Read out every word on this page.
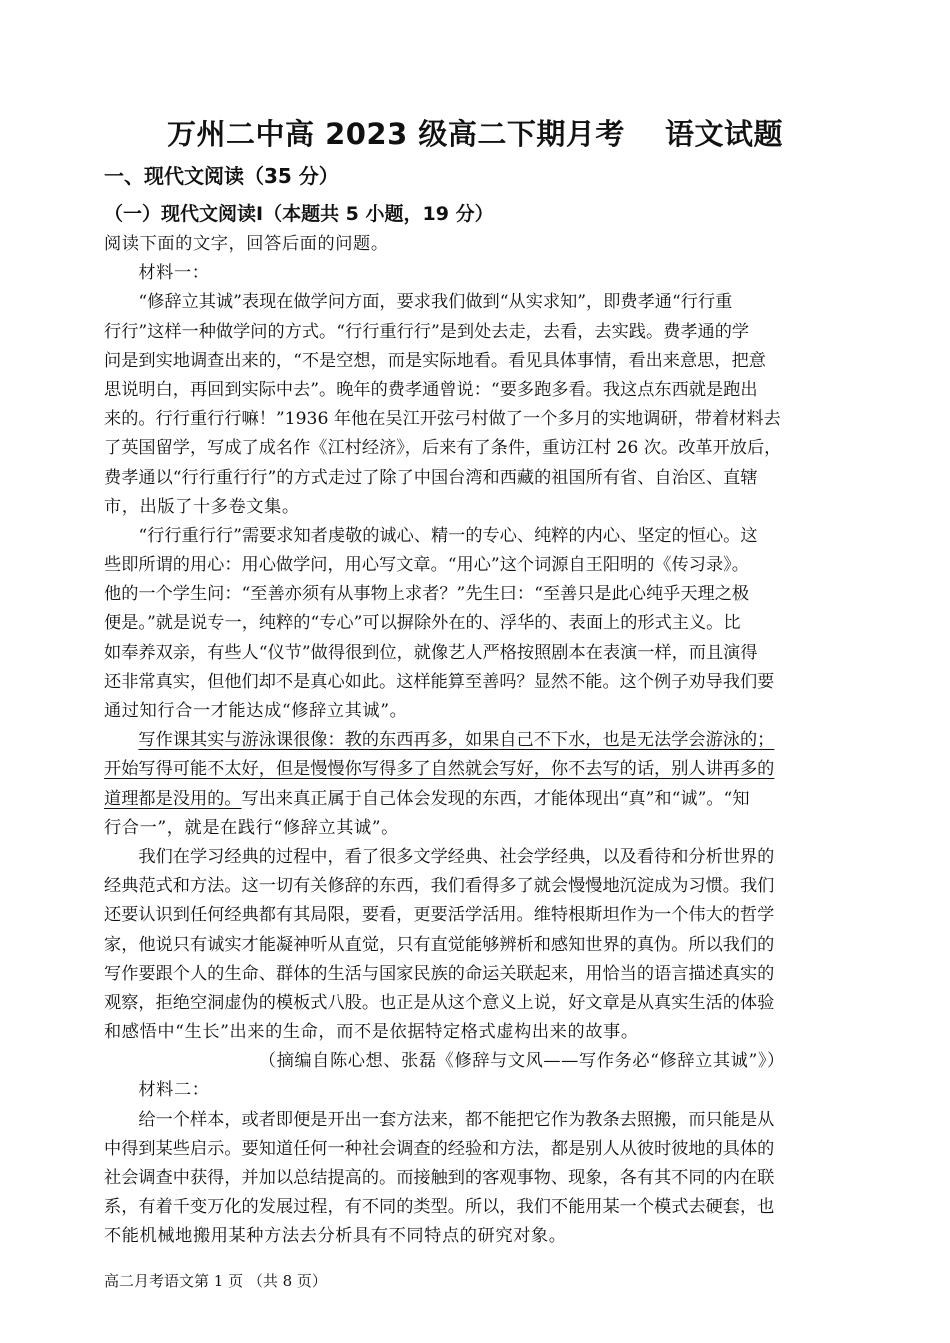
万州二中高 2023 级高二下期月考　 语文试题
一、现代文阅读（35 分）
（一）现代文阅读Ⅰ（本题共 5 小题，19 分）
阅读下面的文字，回答后面的问题。
材料一：
“修辞立其诚”表现在做学问方面，要求我们做到“从实求知”，即费孝通“行行重
行行”这样一种做学问的方式。“行行重行行”是到处去走，去看，去实践。费孝通的学
问是到实地调查出来的，“不是空想，而是实际地看。看见具体事情，看出来意思，把意
思说明白，再回到实际中去”。晚年的费孝通曾说：“要多跑多看。我这点东西就是跑出
来的。行行重行行嘛！”1936 年他在吴江开弦弓村做了一个多月的实地调研，带着材料去
了英国留学，写成了成名作《江村经济》，后来有了条件，重访江村 26 次。改革开放后，
费孝通以“行行重行行”的方式走过了除了中国台湾和西藏的祖国所有省、自治区、直辖
市，出版了十多卷文集。
“行行重行行”需要求知者虔敬的诚心、精一的专心、纯粹的内心、坚定的恒心。这
些即所谓的用心：用心做学问，用心写文章。“用心”这个词源自王阳明的《传习录》。
他的一个学生问：“至善亦须有从事物上求者？”先生曰：“至善只是此心纯乎天理之极
便是。”就是说专一，纯粹的“专心”可以摒除外在的、浮华的、表面上的形式主义。比
如奉养双亲，有些人“仪节”做得很到位，就像艺人严格按照剧本在表演一样，而且演得
还非常真实，但他们却不是真心如此。这样能算至善吗？显然不能。这个例子劝导我们要
通过知行合一才能达成“修辞立其诚”。
写作课其实与游泳课很像：教的东西再多，如果自己不下水，也是无法学会游泳的；
开始写得可能不太好，但是慢慢你写得多了自然就会写好，你不去写的话，别人讲再多的
道理都是没用的。写出来真正属于自己体会发现的东西，才能体现出“真”和“诚”。“知
行合一”，就是在践行“修辞立其诚”。
我们在学习经典的过程中，看了很多文学经典、社会学经典，以及看待和分析世界的
经典范式和方法。这一切有关修辞的东西，我们看得多了就会慢慢地沉淀成为习惯。我们
还要认识到任何经典都有其局限，要看，更要活学活用。维特根斯坦作为一个伟大的哲学
家，他说只有诚实才能凝神听从直觉，只有直觉能够辨析和感知世界的真伪。所以我们的
写作要跟个人的生命、群体的生活与国家民族的命运关联起来，用恰当的语言描述真实的
观察，拒绝空洞虚伪的模板式八股。也正是从这个意义上说，好文章是从真实生活的体验
和感悟中“生长”出来的生命，而不是依据特定格式虚构出来的故事。
（摘编自陈心想、张磊《修辞与文风——写作务必“修辞立其诚”》）
材料二：
给一个样本，或者即便是开出一套方法来，都不能把它作为教条去照搬，而只能是从
中得到某些启示。要知道任何一种社会调查的经验和方法，都是别人从彼时彼地的具体的
社会调查中获得，并加以总结提高的。而接触到的客观事物、现象，各有其不同的内在联
系，有着千变万化的发展过程，有不同的类型。所以，我们不能用某一个模式去硬套，也
不能机械地搬用某种方法去分析具有不同特点的研究对象。
高二月考语文第 1 页 （共 8 页）
